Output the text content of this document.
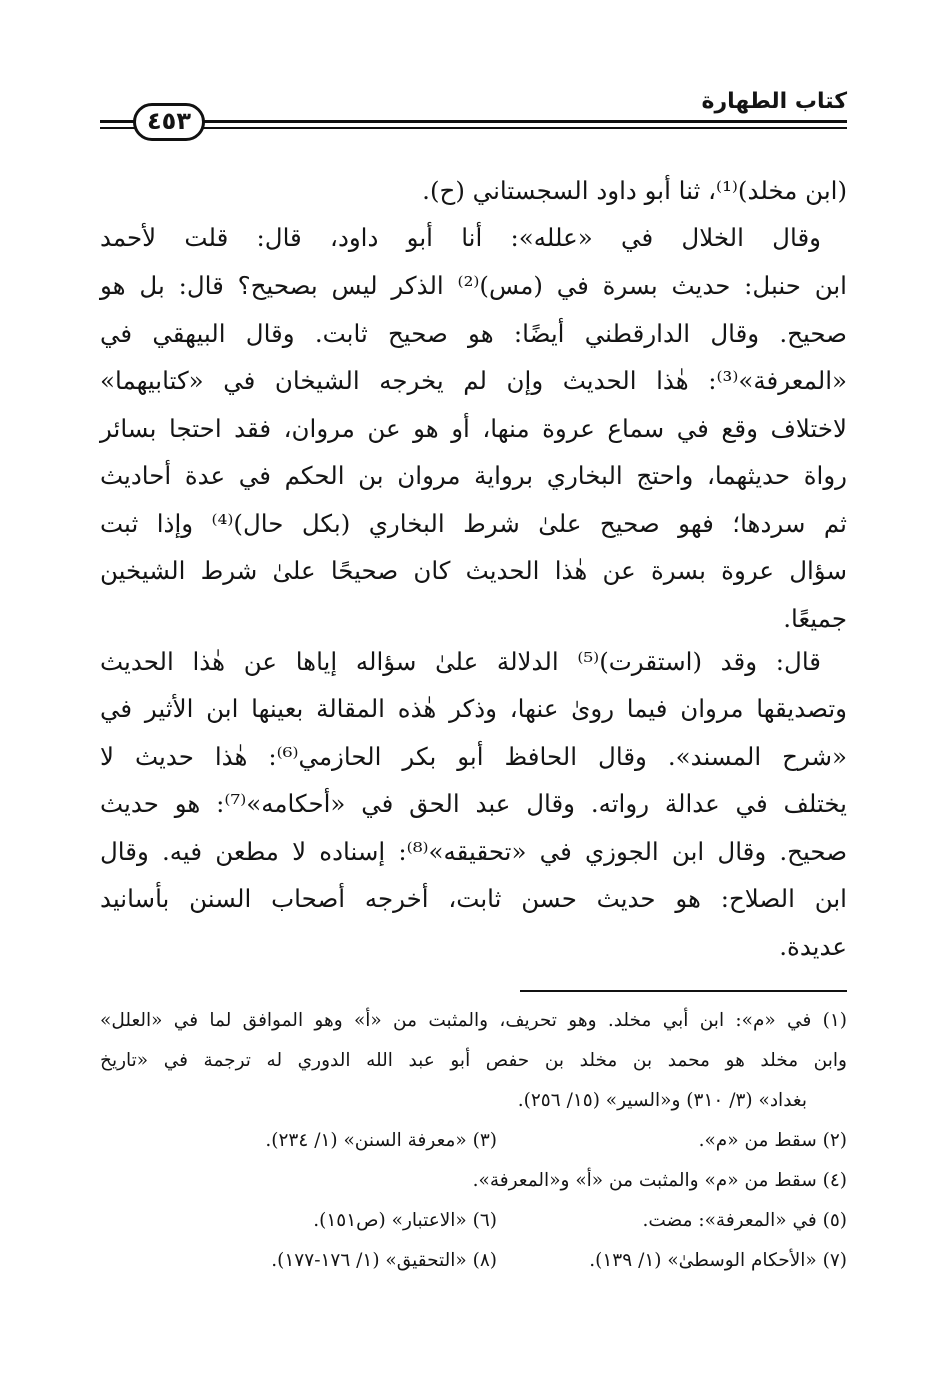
كتاب الطهارة
٤٥٣
(ابن مخلد)⁽¹⁾، ثنا أبو داود السجستاني (ح).
وقال الخلال في «علله»: أنا أبو داود، قال: قلت لأحمد
ابن حنبل: حديث بسرة في (مس)⁽²⁾ الذكر ليس بصحيح؟ قال: بل هو
صحيح. وقال الدارقطني أيضًا: هو صحيح ثابت. وقال البيهقي في
«المعرفة»⁽³⁾: هٰذا الحديث وإن لم يخرجه الشيخان في «كتابيهما»
لاختلاف وقع في سماع عروة منها، أو هو عن مروان، فقد احتجا بسائر
رواة حديثهما، واحتج البخاري برواية مروان بن الحكم في عدة أحاديث
ثم سردها؛ فهو صحيح علىٰ شرط البخاري (بكل حال)⁽⁴⁾ وإذا ثبت
سؤال عروة بسرة عن هٰذا الحديث كان صحيحًا علىٰ شرط الشيخين
جميعًا.
قال: وقد (استقرت)⁽⁵⁾ الدلالة علىٰ سؤاله إياها عن هٰذا الحديث
وتصديقها مروان فيما روىٰ عنها، وذكر هٰذه المقالة بعينها ابن الأثير في
«شرح المسند». وقال الحافظ أبو بكر الحازمي⁽⁶⁾: هٰذا حديث لا
يختلف في عدالة رواته. وقال عبد الحق في «أحكامه»⁽⁷⁾: هو حديث
صحيح. وقال ابن الجوزي في «تحقيقه»⁽⁸⁾: إسناده لا مطعن فيه. وقال
ابن الصلاح: هو حديث حسن ثابت، أخرجه أصحاب السنن بأسانيد
عديدة.
(١) في «م»: ابن أبي مخلد. وهو تحريف، والمثبت من «أ» وهو الموافق لما في «العلل»
وابن مخلد هو محمد بن مخلد بن حفص أبو عبد الله الدوري له ترجمة في «تاريخ
بغداد» (٣/ ٣١٠) و«السير» (١٥/ ٢٥٦).
(٢) سقط من «م».
(٣) «معرفة السنن» (١/ ٢٣٤).
(٤) سقط من «م» والمثبت من «أ» و«المعرفة».
(٥) في «المعرفة»: مضت.
(٦) «الاعتبار» (ص١٥١).
(٧) «الأحكام الوسطىٰ» (١/ ١٣٩).
(٨) «التحقيق» (١/ ١٧٦-١٧٧).
